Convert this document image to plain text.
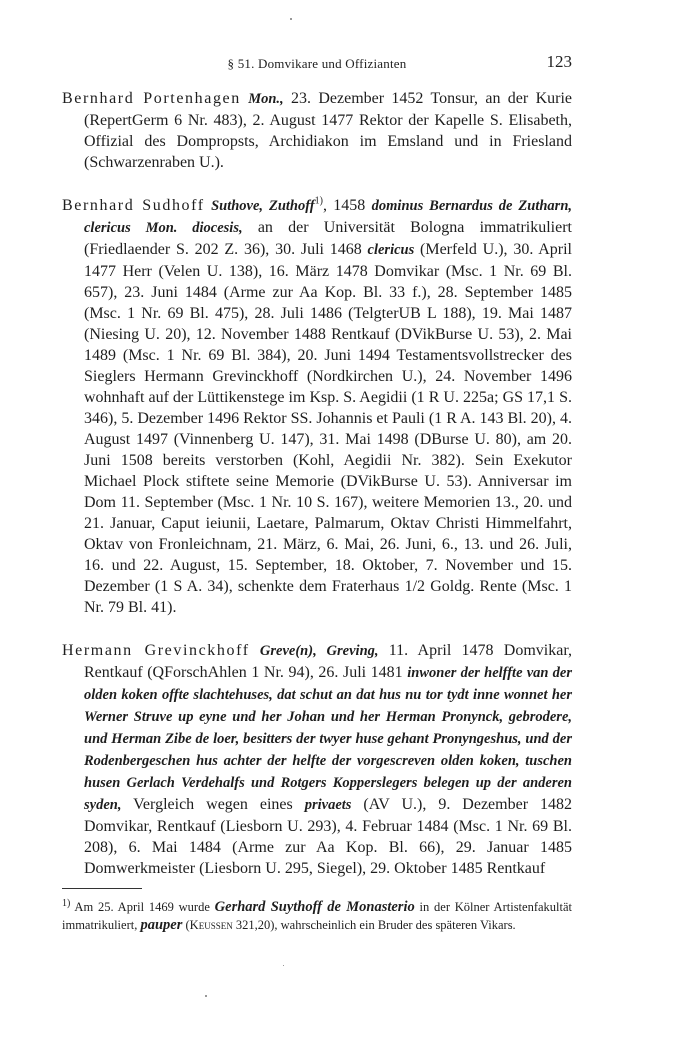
§ 51. Domvikare und Offizianten	123

Bernhard Portenhagen Mon., 23. Dezember 1452 Tonsur, an der Kurie (RepertGerm 6 Nr. 483), 2. August 1477 Rektor der Kapelle S. Elisabeth, Offizial des Dompropsts, Archidiakon im Emsland und in Friesland (Schwarzenraben U.).

Bernhard Sudhoff Suthove, Zuthoff$^{1)}$, 1458 dominus Bernardus de Zutharn, clericus Mon. diocesis, an der Universität Bologna immatrikuliert (Friedlaender S. 202 Z. 36), 30. Juli 1468 clericus (Merfeld U.), 30. April 1477 Herr (Velen U. 138), 16. März 1478 Domvikar (Msc. 1 Nr. 69 Bl. 657), 23. Juni 1484 (Arme zur Aa Kop. Bl. 33 f.), 28. September 1485 (Msc. 1 Nr. 69 Bl. 475), 28. Juli 1486 (TelgterUB L 188), 19. Mai 1487 (Niesing U. 20), 12. November 1488 Rentkauf (DVikBurse U. 53), 2. Mai 1489 (Msc. 1 Nr. 69 Bl. 384), 20. Juni 1494 Testamentsvollstrecker des Sieglers Hermann Grevinckhoff (Nordkirchen U.), 24. November 1496 wohnhaft auf der Lüttikenstege im Ksp. S. Aegidii (1 R U. 225a; GS 17,1 S. 346), 5. Dezember 1496 Rektor SS. Johannis et Pauli (1 R A. 143 Bl. 20), 4. August 1497 (Vinnenberg U. 147), 31. Mai 1498 (DBurse U. 80), am 20. Juni 1508 bereits verstorben (Kohl, Aegidii Nr. 382). Sein Exekutor Michael Plock stiftete seine Memorie (DVikBurse U. 53). Anniversar im Dom 11. September (Msc. 1 Nr. 10 S. 167), weitere Memorien 13., 20. und 21. Januar, Caput ieiunii, Laetare, Palmarum, Oktav Christi Himmelfahrt, Oktav von Fronleichnam, 21. März, 6. Mai, 26. Juni, 6., 13. und 26. Juli, 16. und 22. August, 15. September, 18. Oktober, 7. November und 15. Dezember (1 S A. 34), schenkte dem Fraterhaus 1/2 Goldg. Rente (Msc. 1 Nr. 79 Bl. 41).

Hermann Grevinckhoff Greve(n), Greving, 11. April 1478 Domvikar, Rentkauf (QForschAhlen 1 Nr. 94), 26. Juli 1481 inwoner der helffte van der olden koken offte slachtehuses, dat schut an dat hus nu tor tydt inne wonnet her Werner Struve up eyne und her Johan und her Herman Pronynck, gebrodere, und Herman Zibe de loer, besitters der twyer huse gehant Pronyngeshus, und der Rodenbergeschen hus achter der helfte der vorgescreven olden koken, tuschen husen Gerlach Verdehalfs und Rotgers Kopperslegers belegen up der anderen syden, Vergleich wegen eines privaets (AV U.), 9. Dezember 1482 Domvikar, Rentkauf (Liesborn U. 293), 4. Februar 1484 (Msc. 1 Nr. 69 Bl. 208), 6. Mai 1484 (Arme zur Aa Kop. Bl. 66), 29. Januar 1485 Domwerkmeister (Liesborn U. 295, Siegel), 29. Oktober 1485 Rentkauf

$^{1)}$ Am 25. April 1469 wurde Gerhard Suythoff de Monasterio in der Kölner Artistenfakultät immatrikuliert, pauper (Keussen 321,20), wahrscheinlich ein Bruder des späteren Vikars.
